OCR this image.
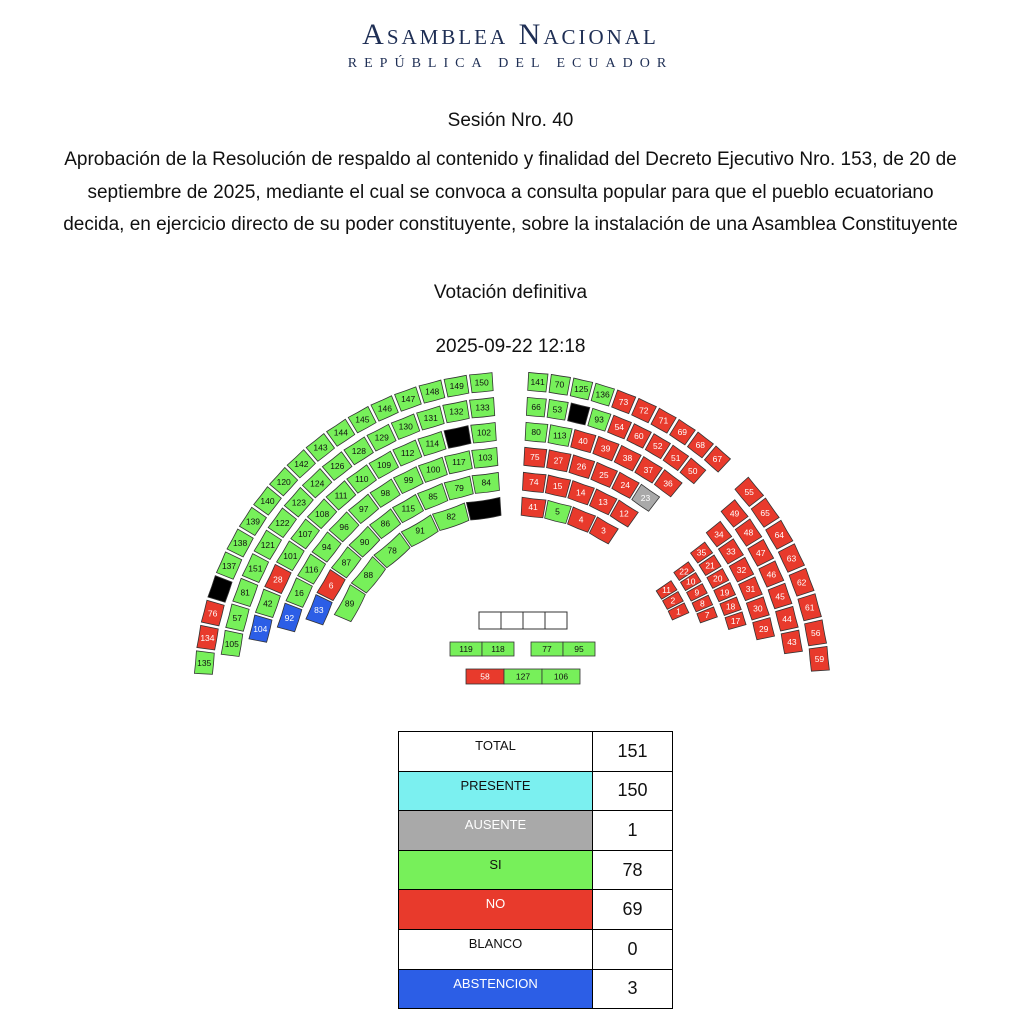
Asamblea Nacional
REPÚBLICA DEL ECUADOR
Sesión Nro. 40
Aprobación de la Resolución de respaldo al contenido y finalidad del Decreto Ejecutivo Nro. 153, de 20 de septiembre de 2025, mediante el cual se convoca a consulta popular para que el pueblo ecuatoriano decida, en ejercicio directo de su poder constituyente, sobre la instalación de una Asamblea Constituyente
Votación definitiva
2025-09-22 12:18
135
134
76
137
138
139
140
120
142
143
144
145
146
147
148
149 150
105
57
81
151
121
122
123
124
126
128
129
130
131
132 133
104
42
28
101
107
108
111
110
109
112
114
102
92
16
116
94
96
97
98
99
100
117 103
83
6
87
90
86
115
85
79
84
89
88
78
91
82
141 70 125
136
73
72
71
69
68
67
66 53
93
54
60
52
51
50
80 113
40
39
38
37
36
75 27
26
25
24
23
74 15
14
13
12
41 5
4
3
55
65
64
63
62
61
56
59
49
48
47
46
45
44
43
34
33
32
31
30
29
35
21
20
19
18
17
22
10
9
8
7
11
2
1
119 118	77	95
58	127	106
TOTAL	151
PRESENTE	150
AUSENTE	1
SI	78
NO	69
BLANCO	0
ABSTENCION	3
